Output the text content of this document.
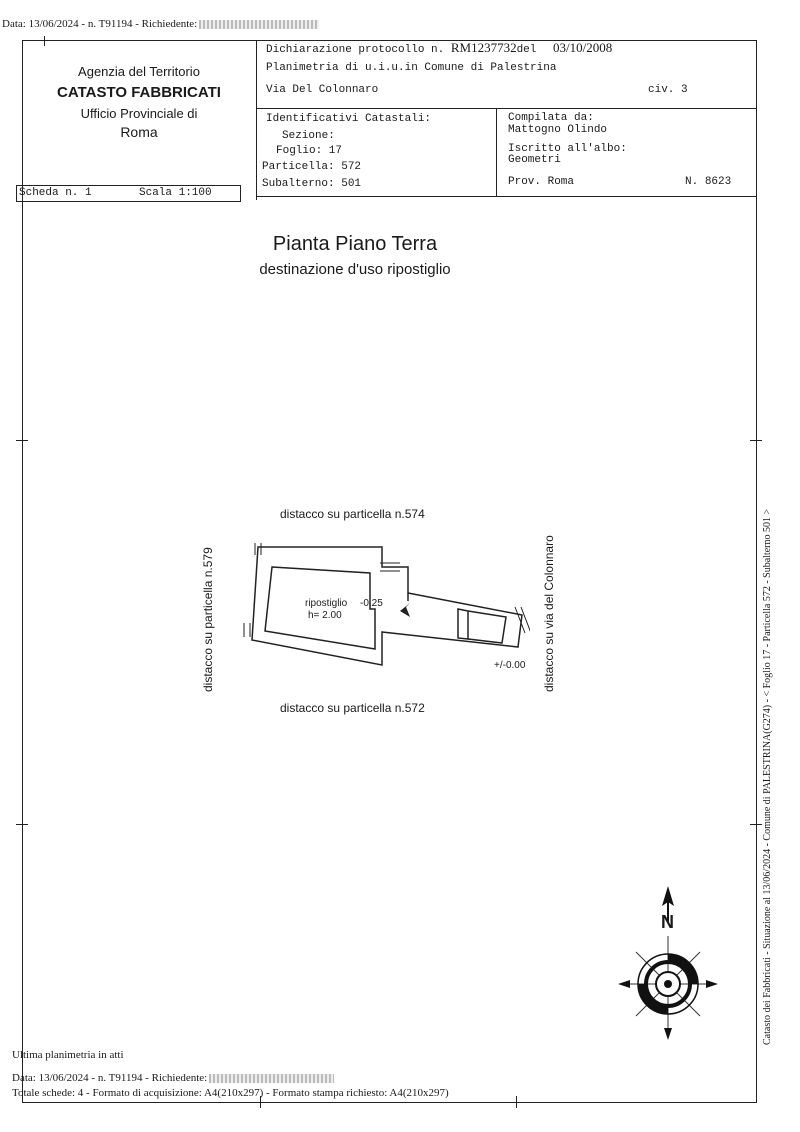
Data: 13/06/2024 - n. T91194 - Richiedente:
Agenzia del Territorio
CATASTO FABBRICATI
Ufficio Provinciale di
Roma
Dichiarazione protocollo n. RM1237732del 03/10/2008
Planimetria di u.i.u.in Comune di Palestrina
Via Del Colonnaro	civ. 3
Identificativi Catastali:
Sezione:
Foglio: 17
Particella: 572
Subalterno: 501
Compilata da:
Mattogno Olindo
Iscritto all'albo:
Geometri
Prov. Roma	N. 8623
Scheda n. 1	Scala 1:100
Pianta Piano Terra
destinazione d'uso ripostiglio
distacco su particella n.574
distacco su particella n.572
distacco su particella n.579	distacco su via del Colonnaro
ripostiglio
h= 2.00
-0.25
+/-0.00
N	Catasto dei Fabbricati - Situazione al 13/06/2024 - Comune di PALESTRINA(G274) - < Foglio 17 - Particella 572 - Subalterno 501 >
Ultima planimetria in atti
Data: 13/06/2024 - n. T91194 - Richiedente:
Totale schede: 4 - Formato di acquisizione: A4(210x297) - Formato stampa richiesto: A4(210x297)
